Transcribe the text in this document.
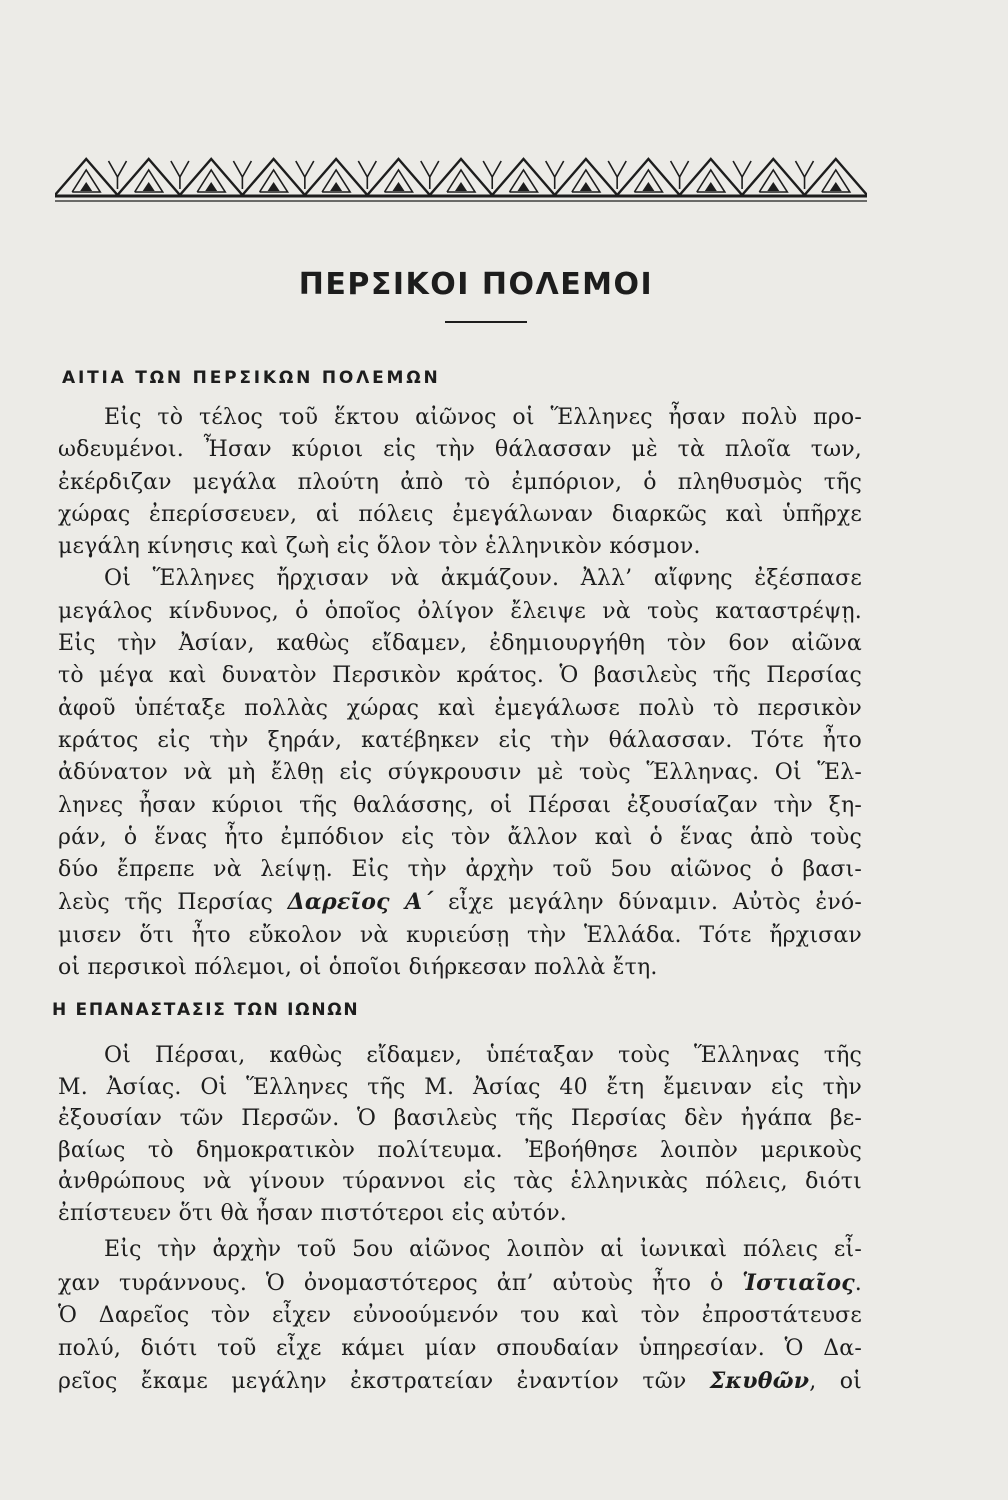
ΠΕΡΣΙΚΟΙ ΠΟΛΕΜΟΙ
ΑΙΤΙΑ ΤΩΝ ΠΕΡΣΙΚΩΝ ΠΟΛΕΜΩΝ
Εἰς τὸ τέλος τοῦ ἕκτου αἰῶνος οἱ Ἕλληνες ἦσαν πολὺ προ-
ωδευμένοι. Ἦσαν κύριοι εἰς τὴν θάλασσαν μὲ τὰ πλοῖα των,
ἐκέρδιζαν μεγάλα πλούτη ἀπὸ τὸ ἐμπόριον, ὁ πληθυσμὸς τῆς
χώρας ἐπερίσσευεν, αἱ πόλεις ἐμεγάλωναν διαρκῶς καὶ ὑπῆρχε
μεγάλη κίνησις καὶ ζωὴ εἰς ὅλον τὸν ἑλληνικὸν κόσμον.
Οἱ Ἕλληνες ἤρχισαν νὰ ἀκμάζουν. Ἀλλ’ αἴφνης ἐξέσπασε
μεγάλος κίνδυνος, ὁ ὁποῖος ὀλίγον ἔλειψε νὰ τοὺς καταστρέψῃ.
Εἰς τὴν Ἀσίαν, καθὼς εἴδαμεν, ἐδημιουργήθη τὸν 6ον αἰῶνα
τὸ μέγα καὶ δυνατὸν Περσικὸν κράτος. Ὁ βασιλεὺς τῆς Περσίας
ἀφοῦ ὑπέταξε πολλὰς χώρας καὶ ἐμεγάλωσε πολὺ τὸ περσικὸν
κράτος εἰς τὴν ξηράν, κατέβηκεν εἰς τὴν θάλασσαν. Τότε ἦτο
ἀδύνατον νὰ μὴ ἔλθῃ εἰς σύγκρουσιν μὲ τοὺς Ἕλληνας. Οἱ Ἕλ-
ληνες ἦσαν κύριοι τῆς θαλάσσης, οἱ Πέρσαι ἐξουσίαζαν τὴν ξη-
ράν, ὁ ἕνας ἦτο ἐμπόδιον εἰς τὸν ἄλλον καὶ ὁ ἕνας ἀπὸ τοὺς
δύο ἔπρεπε νὰ λείψῃ. Εἰς τὴν ἀρχὴν τοῦ 5ου αἰῶνος ὁ βασι-
λεὺς τῆς Περσίας Δαρεῖος Α΄ εἶχε μεγάλην δύναμιν. Αὐτὸς ἐνό-
μισεν ὅτι ἦτο εὔκολον νὰ κυριεύσῃ τὴν Ἑλλάδα. Τότε ἤρχισαν
οἱ περσικοὶ πόλεμοι, οἱ ὁποῖοι διήρκεσαν πολλὰ ἔτη.
Η ΕΠΑΝΑΣΤΑΣΙΣ ΤΩΝ ΙΩΝΩΝ
Οἱ Πέρσαι, καθὼς εἴδαμεν, ὑπέταξαν τοὺς Ἕλληνας τῆς
Μ. Ἀσίας. Οἱ Ἕλληνες τῆς Μ. Ἀσίας 40 ἔτη ἔμειναν εἰς τὴν
ἐξουσίαν τῶν Περσῶν. Ὁ βασιλεὺς τῆς Περσίας δὲν ἠγάπα βε-
βαίως τὸ δημοκρατικὸν πολίτευμα. Ἐβοήθησε λοιπὸν μερικοὺς
ἀνθρώπους νὰ γίνουν τύραννοι εἰς τὰς ἑλληνικὰς πόλεις, διότι
ἐπίστευεν ὅτι θὰ ἦσαν πιστότεροι εἰς αὐτόν.
Εἰς τὴν ἀρχὴν τοῦ 5ου αἰῶνος λοιπὸν αἱ ἰωνικαὶ πόλεις εἶ-
χαν τυράννους. Ὁ ὀνομαστότερος ἀπ’ αὐτοὺς ἦτο ὁ Ἱστιαῖος.
Ὁ Δαρεῖος τὸν εἶχεν εὐνοούμενόν του καὶ τὸν ἐπροστάτευσε
πολύ, διότι τοῦ εἶχε κάμει μίαν σπουδαίαν ὑπηρεσίαν. Ὁ Δα-
ρεῖος ἔκαμε μεγάλην ἐκστρατείαν ἐναντίον τῶν Σκυθῶν, οἱ
